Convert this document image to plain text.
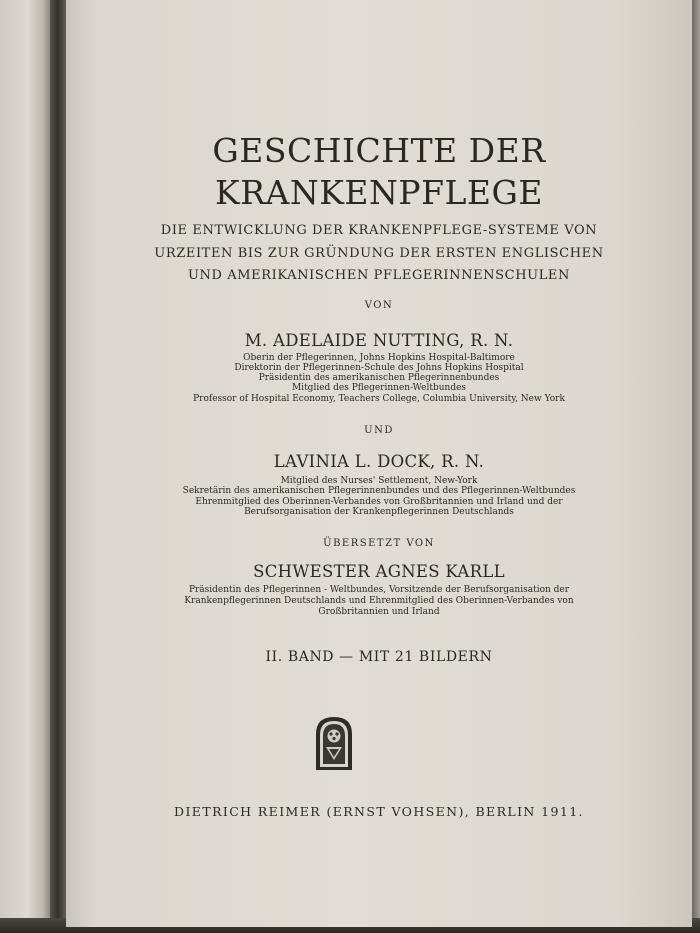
GESCHICHTE DER
KRANKENPFLEGE
DIE ENTWICKLUNG DER KRANKENPFLEGE-SYSTEME VON
URZEITEN BIS ZUR GRÜNDUNG DER ERSTEN ENGLISCHEN
UND AMERIKANISCHEN PFLEGERINNENSCHULEN
VON
M. ADELAIDE NUTTING, R. N.
Oberin der Pflegerinnen, Johns Hopkins Hospital-Baltimore
Direktorin der Pflegerinnen-Schule des Johns Hopkins Hospital
Präsidentin des amerikanischen Pflegerinnenbundes
Mitglied des Pflegerinnen-Weltbundes
Professor of Hospital Economy, Teachers College, Columbia University, New York
UND
LAVINIA L. DOCK, R. N.
Mitglied des Nurses' Settlement, New-York
Sekretärin des amerikanischen Pflegerinnenbundes und des Pflegerinnen-Weltbundes
Ehrenmitglied des Oberinnen-Verbandes von Großbritannien und Irland und der
Berufsorganisation der Krankenpflegerinnen Deutschlands
ÜBERSETZT VON
SCHWESTER AGNES KARLL
Präsidentin des Pflegerinnen - Weltbundes, Vorsitzende der Berufsorganisation der
Krankenpflegerinnen Deutschlands und Ehrenmitglied des Oberinnen-Verbandes von
Großbritannien und Irland
II. BAND — MIT 21 BILDERN
DIETRICH REIMER (ERNST VOHSEN), BERLIN 1911.
